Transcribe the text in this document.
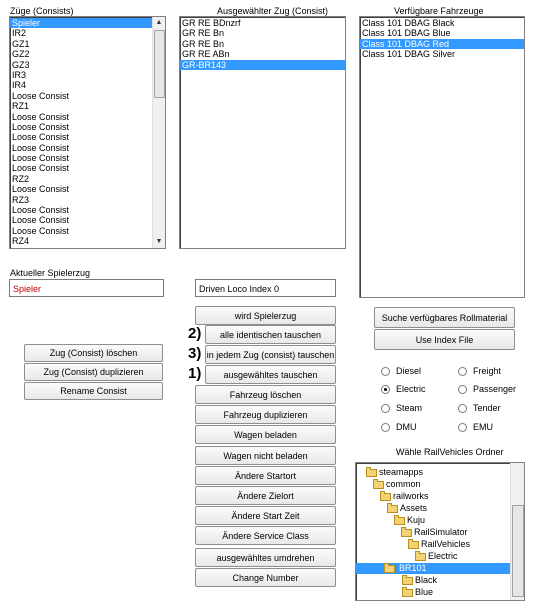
Züge (Consists)	Ausgewählter Zug (Consist)	Verfügbare Fahrzeuge
Spieler
IR2
GZ1
GZ2
GZ3
IR3
IR4
Loose Consist
RZ1
Loose Consist
Loose Consist
Loose Consist
Loose Consist
Loose Consist
Loose Consist
RZ2
Loose Consist
RZ3
Loose Consist
Loose Consist
Loose Consist
RZ4
▲
▼
GR RE BDnzrf
GR RE Bn
GR RE Bn
GR RE ABn
GR-BR143
Class 101 DBAG Black
Class 101 DBAG Blue
Class 101 DBAG Red
Class 101 DBAG Silver
Aktueller Spielerzug
Spieler	Driven Loco Index 0
Zug (Consist) löschen
Zug (Consist) duplizieren
Rename Consist
wird Spielerzug
2)	alle identischen tauschen
3) in jedem Zug (consist) tauschen
1)	ausgewähltes tauschen
Fahrzeug löschen
Fahrzeug duplizieren
Wagen beladen
Wagen nicht beladen
Ändere Startort
Ändere Zielort
Ändere Start Zeit
Ändere Service Class
ausgewähltes umdrehen
Change Number
Suche verfügbares Rollmaterial
Use Index File
Diesel	Freight
Electric	Passenger
Steam	Tender
DMU	EMU
Wähle RailVehicles Ordner
steamapps
common
railworks
Assets
Kuju
RailSimulator
RailVehicles
Electric
BR101
Black
Blue
